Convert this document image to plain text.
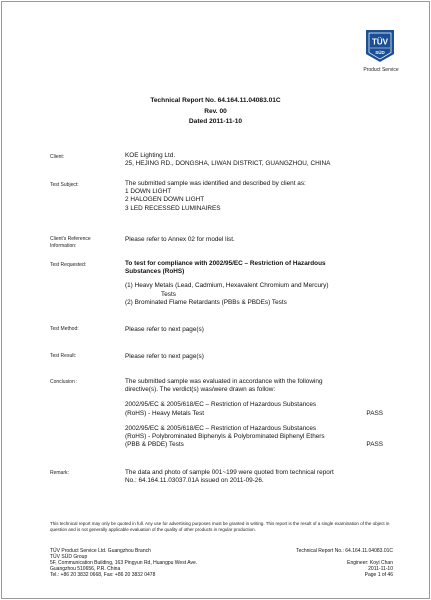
TÜV
SÜD
Product Service
Technical Report No. 64.164.11.04083.01C
Rev. 00
Dated 2011-11-10
Client:	KOE Lighting Ltd.
25, HEJING RD., DONGSHA, LIWAN DISTRICT, GUANGZHOU, CHINA
Test Subject:	The submitted sample was identified and described by client as:
1 DOWN LIGHT
2 HALOGEN DOWN LIGHT
3 LED RECESSED LUMINAIRES
Client's Reference
Information:
Please refer to Annex 02 for model list.
Test Requested:	To test for compliance with 2002/95/EC – Restriction of Hazardous
Substances (RoHS)
(1) Heavy Metals (Lead, Cadmium, Hexavalent Chromium and Mercury)
Tests
(2) Brominated Flame Retardants (PBBs & PBDEs) Tests
Test Method:	Please refer to next page(s)
Test Result:	Please refer to next page(s)
Conclusion :	The submitted sample was evaluated in accordance with the following
directive(s). The verdict(s) was/were drawn as follow:
2002/95/EC & 2005/618/EC – Restriction of Hazardous Substances
(RoHS) - Heavy Metals Test	PASS
2002/95/EC & 2005/618/EC – Restriction of Hazardous Substances
(RoHS) - Polybrominated Biphenyls & Polybrominated Biphenyl Ethers
(PBB & PBDE) Tests	PASS
Remark:	The data and photo of sample 001~199 were quoted from technical report
No.: 64.164.11.03037.01A issued on 2011-09-26.
This technical report may only be quoted in full. Any use for advertising purposes must be granted in writing. This report is the result of a single examination of the object in question and is not generally applicable evaluation of the quality of other products in regular production.
TÜV Product Service Ltd. Guangzhou Branch
TÜV SÜD Group
5F, Communication Building, 163 Pingyun Rd, Huangpu West Ave.
Guangzhou 510656, P.R. China
Tel.: +86 20 3832 0668, Fax: +86 20 3832 0478
Technical Report No.: 64.164.11.04083.01C
Engineer: Koyi Chan
2011-11-10
Page 1 of 46
